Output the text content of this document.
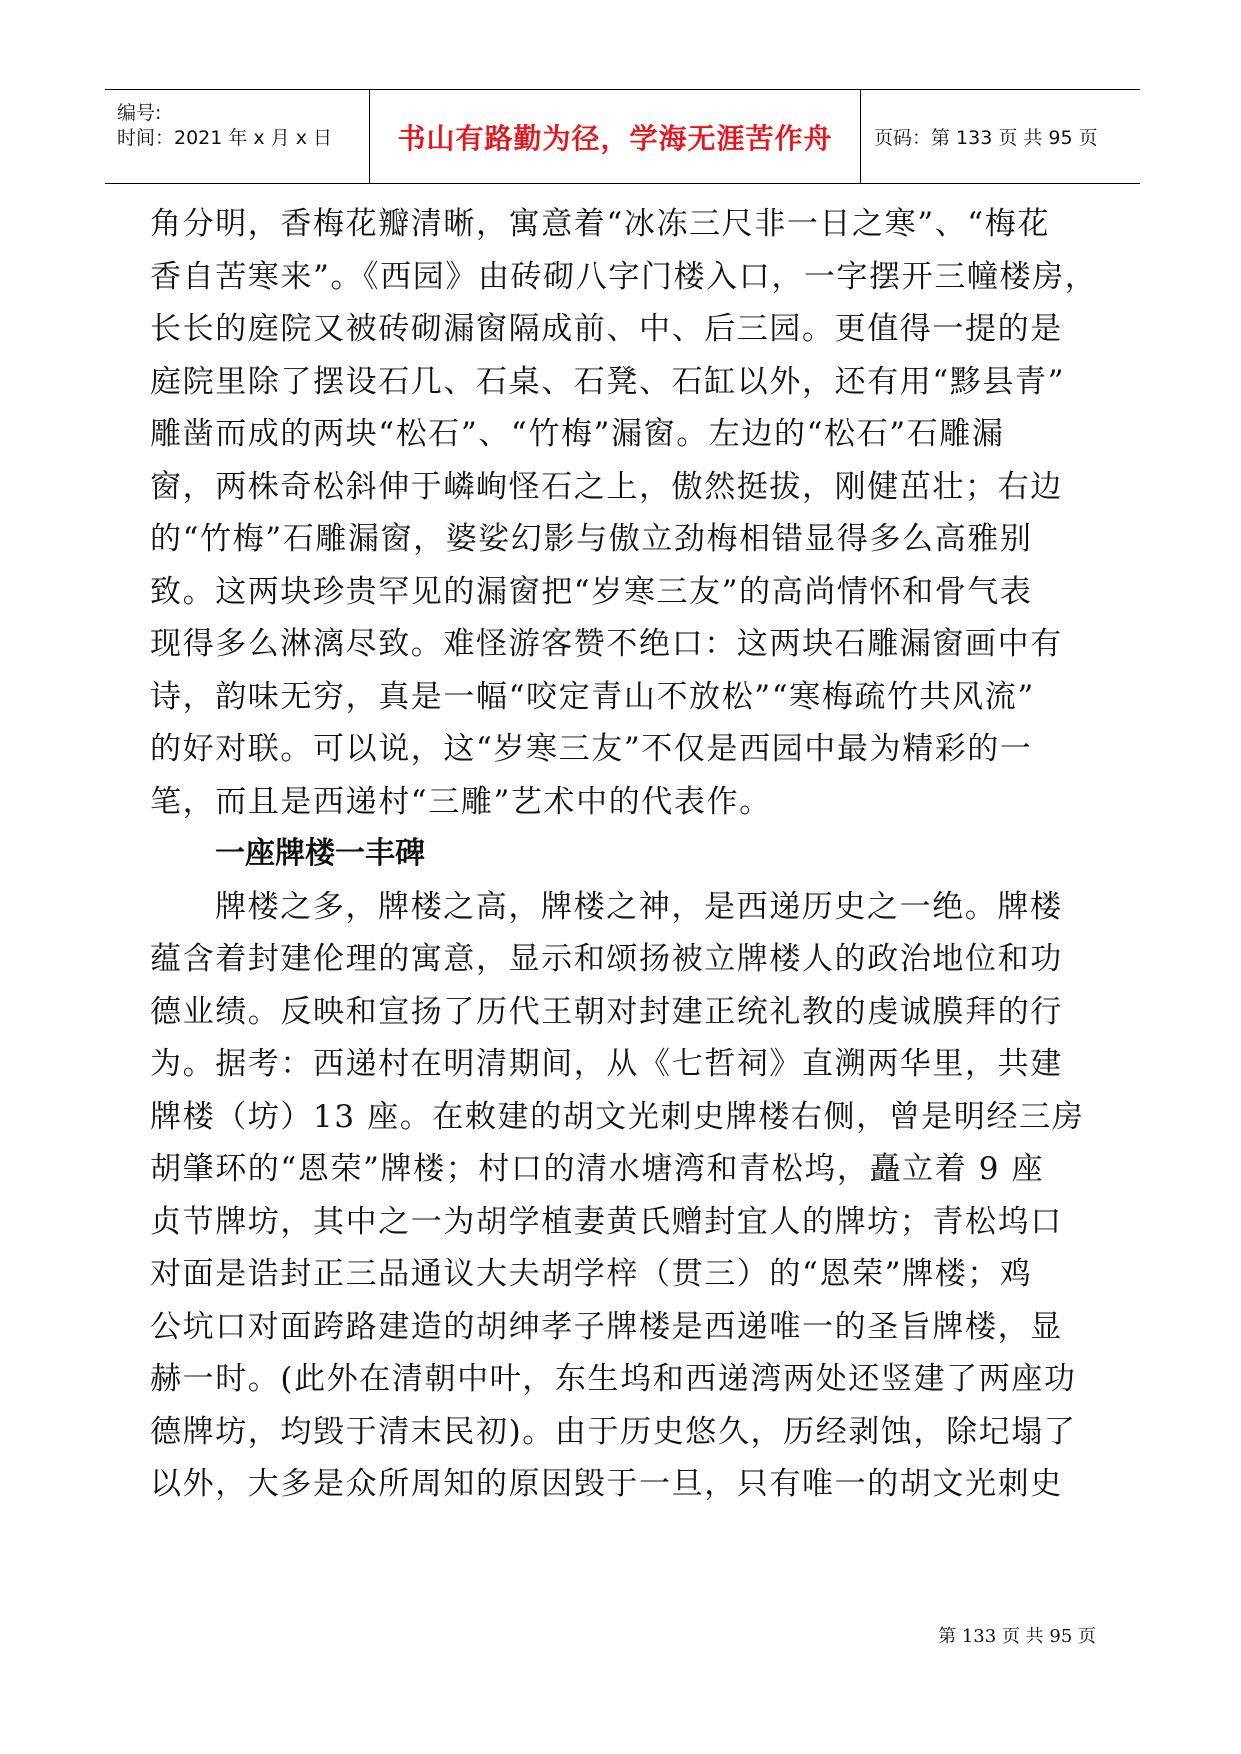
编号:
时间：2021 年 x 月 x 日 书山有路勤为径，学海无涯苦作舟 页码：第 133 页 共 95 页
角分明，香梅花瓣清晰，寓意着“冰冻三尺非一日之寒”、“梅花
香自苦寒来”。《西园》由砖砌八字门楼入口，一字摆开三幢楼房，
长长的庭院又被砖砌漏窗隔成前、中、后三园。更值得一提的是
庭院里除了摆设石几、石桌、石凳、石缸以外，还有用“黟县青”
雕凿而成的两块“松石”、“竹梅”漏窗。左边的“松石”石雕漏
窗，两株奇松斜伸于嶙峋怪石之上，傲然挺拔，刚健茁壮；右边
的“竹梅”石雕漏窗，婆娑幻影与傲立劲梅相错显得多么高雅别
致。这两块珍贵罕见的漏窗把“岁寒三友”的高尚情怀和骨气表
现得多么淋漓尽致。难怪游客赞不绝口：这两块石雕漏窗画中有
诗，韵味无穷，真是一幅“咬定青山不放松”“寒梅疏竹共风流”
的好对联。可以说，这“岁寒三友”不仅是西园中最为精彩的一
笔，而且是西递村“三雕”艺术中的代表作。
一座牌楼一丰碑
牌楼之多，牌楼之高，牌楼之神，是西递历史之一绝。牌楼
蕴含着封建伦理的寓意，显示和颂扬被立牌楼人的政治地位和功
德业绩。反映和宣扬了历代王朝对封建正统礼教的虔诚膜拜的行
为。据考：西递村在明清期间，从《七哲祠》直溯两华里，共建
牌楼（坊）13 座。在敕建的胡文光刺史牌楼右侧，曾是明经三房
胡肇环的“恩荣”牌楼；村口的清水塘湾和青松坞，矗立着 9 座
贞节牌坊，其中之一为胡学植妻黄氏赠封宜人的牌坊；青松坞口
对面是诰封正三品通议大夫胡学梓（贯三）的“恩荣”牌楼；鸡
公坑口对面跨路建造的胡绅孝子牌楼是西递唯一的圣旨牌楼，显
赫一时。(此外在清朝中叶，东生坞和西递湾两处还竖建了两座功
德牌坊，均毁于清末民初)。由于历史悠久，历经剥蚀，除圮塌了
以外，大多是众所周知的原因毁于一旦，只有唯一的胡文光刺史
第 133 页 共 95 页
